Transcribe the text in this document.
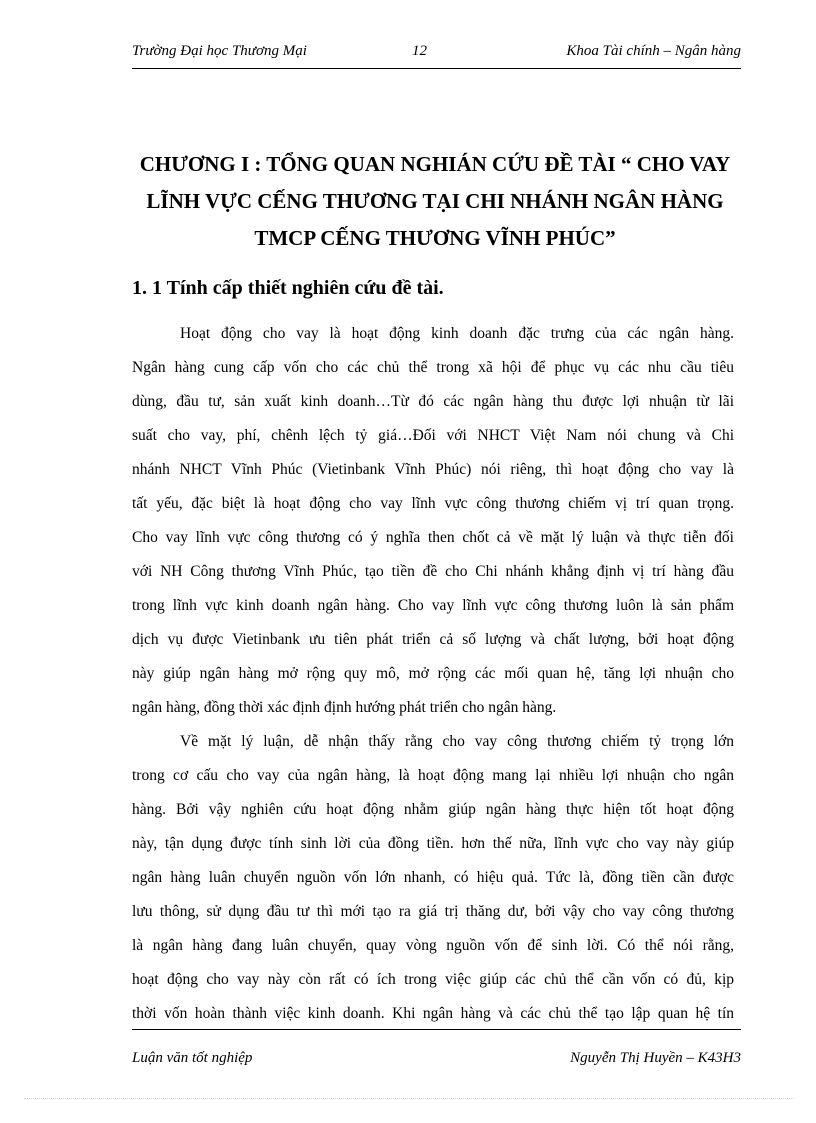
Trường Đại học Thương Mại	12	Khoa Tài chính – Ngân hàng
CHƯƠNG I : TỔNG QUAN NGHIÁN CỨU ĐỀ TÀI “ CHO VAY
LĨNH VỰC CẾNG THƯƠNG TẠI CHI NHÁNH NGÂN HÀNG
TMCP CẾNG THƯƠNG VĨNH PHÚC”
1. 1 Tính cấp thiết nghiên cứu đề tài.
Hoạt động cho vay là hoạt động kinh doanh đặc trưng của các ngân hàng.
Ngân hàng cung cấp vốn cho các chủ thể trong xã hội để phục vụ các nhu cầu tiêu
dùng, đầu tư, sản xuất kinh doanh…Từ đó các ngân hàng thu được lợi nhuận từ lãi
suất cho vay, phí, chênh lệch tỷ giá…Đối với NHCT Việt Nam nói chung và Chi
nhánh NHCT Vĩnh Phúc (Vietinbank Vĩnh Phúc) nói riêng, thì hoạt động cho vay là
tất yếu, đặc biệt là hoạt động cho vay lĩnh vực công thương chiếm vị trí quan trọng.
Cho vay lĩnh vực công thương có ý nghĩa then chốt cả về mặt lý luận và thực tiễn đối
với NH Công thương Vĩnh Phúc, tạo tiền đề cho Chi nhánh khẳng định vị trí hàng đầu
trong lĩnh vực kinh doanh ngân hàng. Cho vay lĩnh vực công thương luôn là sản phẩm
dịch vụ được Vietinbank ưu tiên phát triển cả số lượng và chất lượng, bởi hoạt động
này giúp ngân hàng mở rộng quy mô, mở rộng các mối quan hệ, tăng lợi nhuận cho
ngân hàng, đồng thời xác định định hướng phát triển cho ngân hàng.
Về mặt lý luận, dễ nhận thấy rằng cho vay công thương chiếm tỷ trọng lớn
trong cơ cấu cho vay của ngân hàng, là hoạt động mang lại nhiều lợi nhuận cho ngân
hàng. Bởi vậy nghiên cứu hoạt động nhằm giúp ngân hàng thực hiện tốt hoạt động
này, tận dụng được tính sinh lời của đồng tiền. hơn thế nữa, lĩnh vực cho vay này giúp
ngân hàng luân chuyển nguồn vốn lớn nhanh, có hiệu quả. Tức là, đồng tiền cần được
lưu thông, sử dụng đầu tư thì mới tạo ra giá trị thăng dư, bởi vậy cho vay công thương
là ngân hàng đang luân chuyển, quay vòng nguồn vốn để sinh lời. Có thể nói rằng,
hoạt động cho vay này còn rất có ích trong việc giúp các chủ thể cần vốn có đủ, kịp
thời vốn hoàn thành việc kinh doanh. Khi ngân hàng và các chủ thể tạo lập quan hệ tín
Luận văn tốt nghiệp	Nguyễn Thị Huyền – K43H3
